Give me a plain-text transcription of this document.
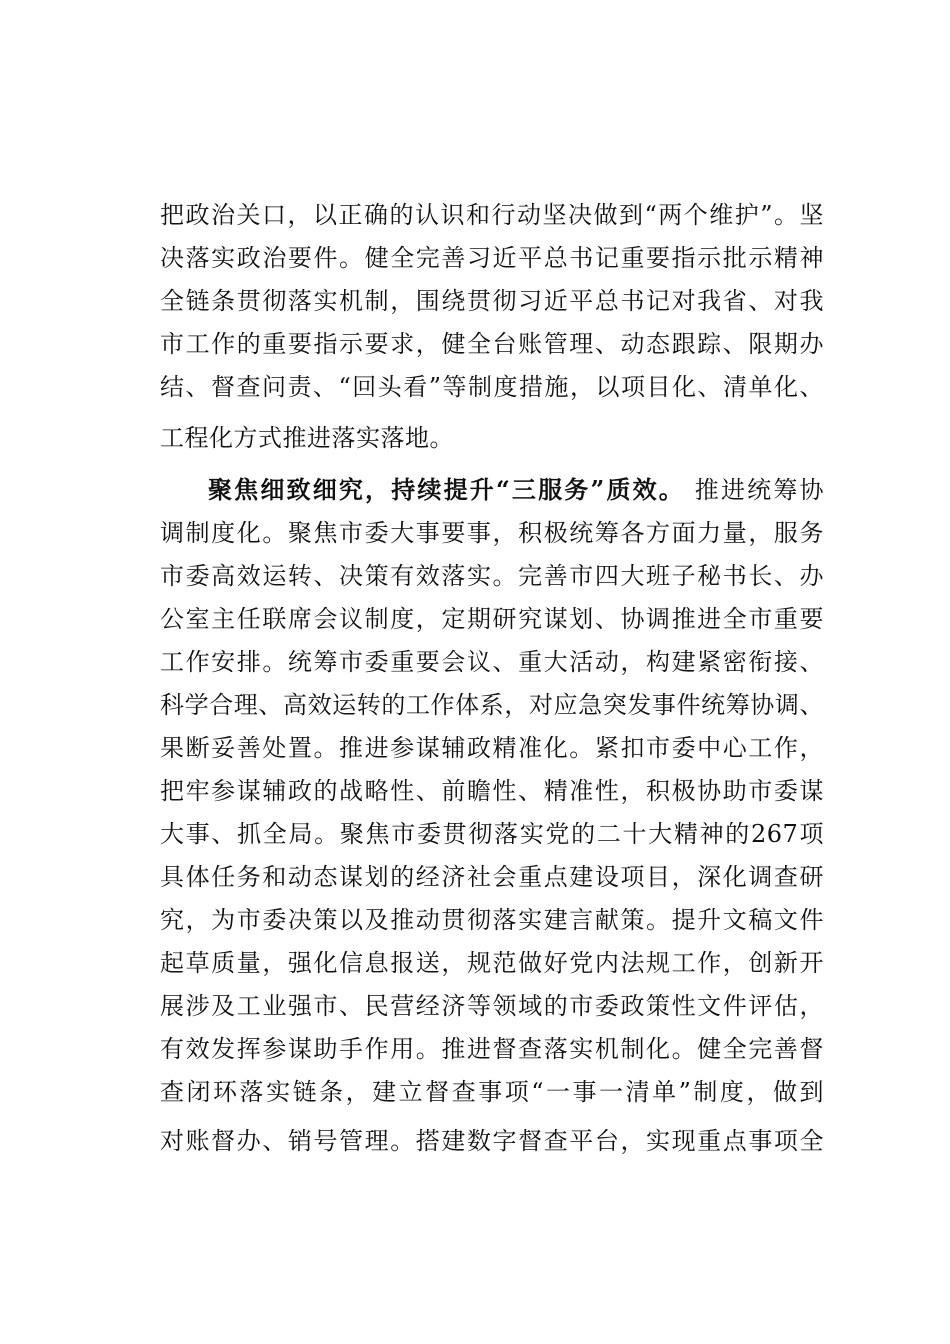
把政治关口，以正确的认识和行动坚决做到“两个维护”。坚
决落实政治要件。健全完善习近平总书记重要指示批示精神
全链条贯彻落实机制，围绕贯彻习近平总书记对我省、对我
市工作的重要指示要求，健全台账管理、动态跟踪、限期办
结、督查问责、“回头看”等制度措施，以项目化、清单化、
工程化方式推进落实落地。
聚焦细致细究，持续提升“三服务”质效。 推进统筹协
调制度化。聚焦市委大事要事，积极统筹各方面力量，服务
市委高效运转、决策有效落实。完善市四大班子秘书长、办
公室主任联席会议制度，定期研究谋划、协调推进全市重要
工作安排。统筹市委重要会议、重大活动，构建紧密衔接、
科学合理、高效运转的工作体系，对应急突发事件统筹协调、
果断妥善处置。推进参谋辅政精准化。紧扣市委中心工作，
把牢参谋辅政的战略性、前瞻性、精准性，积极协助市委谋
大事、抓全局。聚焦市委贯彻落实党的二十大精神的267项
具体任务和动态谋划的经济社会重点建设项目，深化调查研
究，为市委决策以及推动贯彻落实建言献策。提升文稿文件
起草质量，强化信息报送，规范做好党内法规工作，创新开
展涉及工业强市、民营经济等领域的市委政策性文件评估，
有效发挥参谋助手作用。推进督查落实机制化。健全完善督
查闭环落实链条，建立督查事项“一事一清单”制度，做到
对账督办、销号管理。搭建数字督查平台，实现重点事项全
